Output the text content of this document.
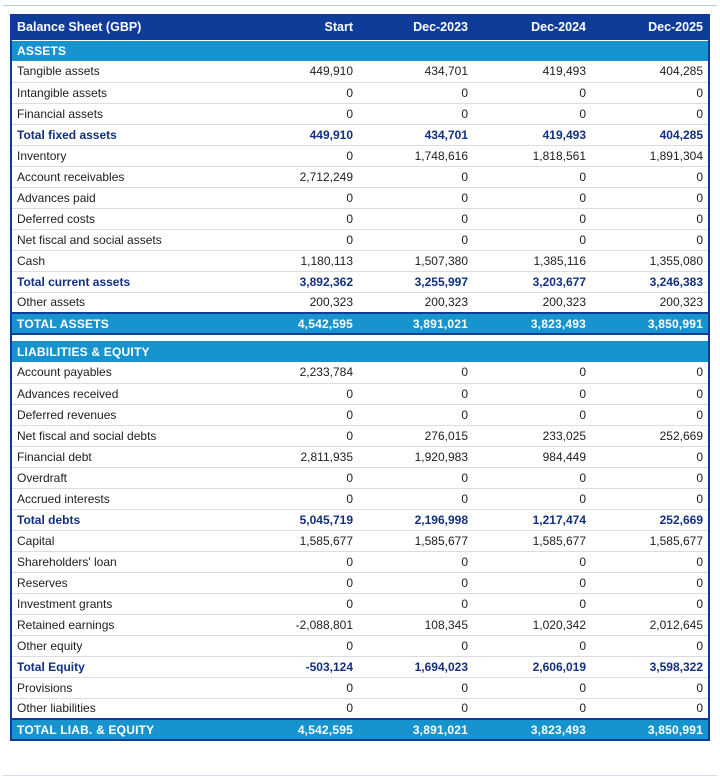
Balance Sheet (GBP)	Start	Dec-2023	Dec-2024	Dec-2025
ASSETS				
Tangible assets	449,910	434,701	419,493	404,285
Intangible assets	0	0	0	0
Financial assets	0	0	0	0
Total fixed assets	449,910	434,701	419,493	404,285
Inventory	0	1,748,616	1,818,561	1,891,304
Account receivables	2,712,249	0	0	0
Advances paid	0	0	0	0
Deferred costs	0	0	0	0
Net fiscal and social assets	0	0	0	0
Cash	1,180,113	1,507,380	1,385,116	1,355,080
Total current assets	3,892,362	3,255,997	3,203,677	3,246,383
Other assets	200,323	200,323	200,323	200,323
TOTAL ASSETS	4,542,595	3,891,021	3,823,493	3,850,991

LIABILITIES & EQUITY				
Account payables	2,233,784	0	0	0
Advances received	0	0	0	0
Deferred revenues	0	0	0	0
Net fiscal and social debts	0	276,015	233,025	252,669
Financial debt	2,811,935	1,920,983	984,449	0
Overdraft	0	0	0	0
Accrued interests	0	0	0	0
Total debts	5,045,719	2,196,998	1,217,474	252,669
Capital	1,585,677	1,585,677	1,585,677	1,585,677
Shareholders' loan	0	0	0	0
Reserves	0	0	0	0
Investment grants	0	0	0	0
Retained earnings	-2,088,801	108,345	1,020,342	2,012,645
Other equity	0	0	0	0
Total Equity	-503,124	1,694,023	2,606,019	3,598,322
Provisions	0	0	0	0
Other liabilities	0	0	0	0
TOTAL LIAB. & EQUITY	4,542,595	3,891,021	3,823,493	3,850,991
